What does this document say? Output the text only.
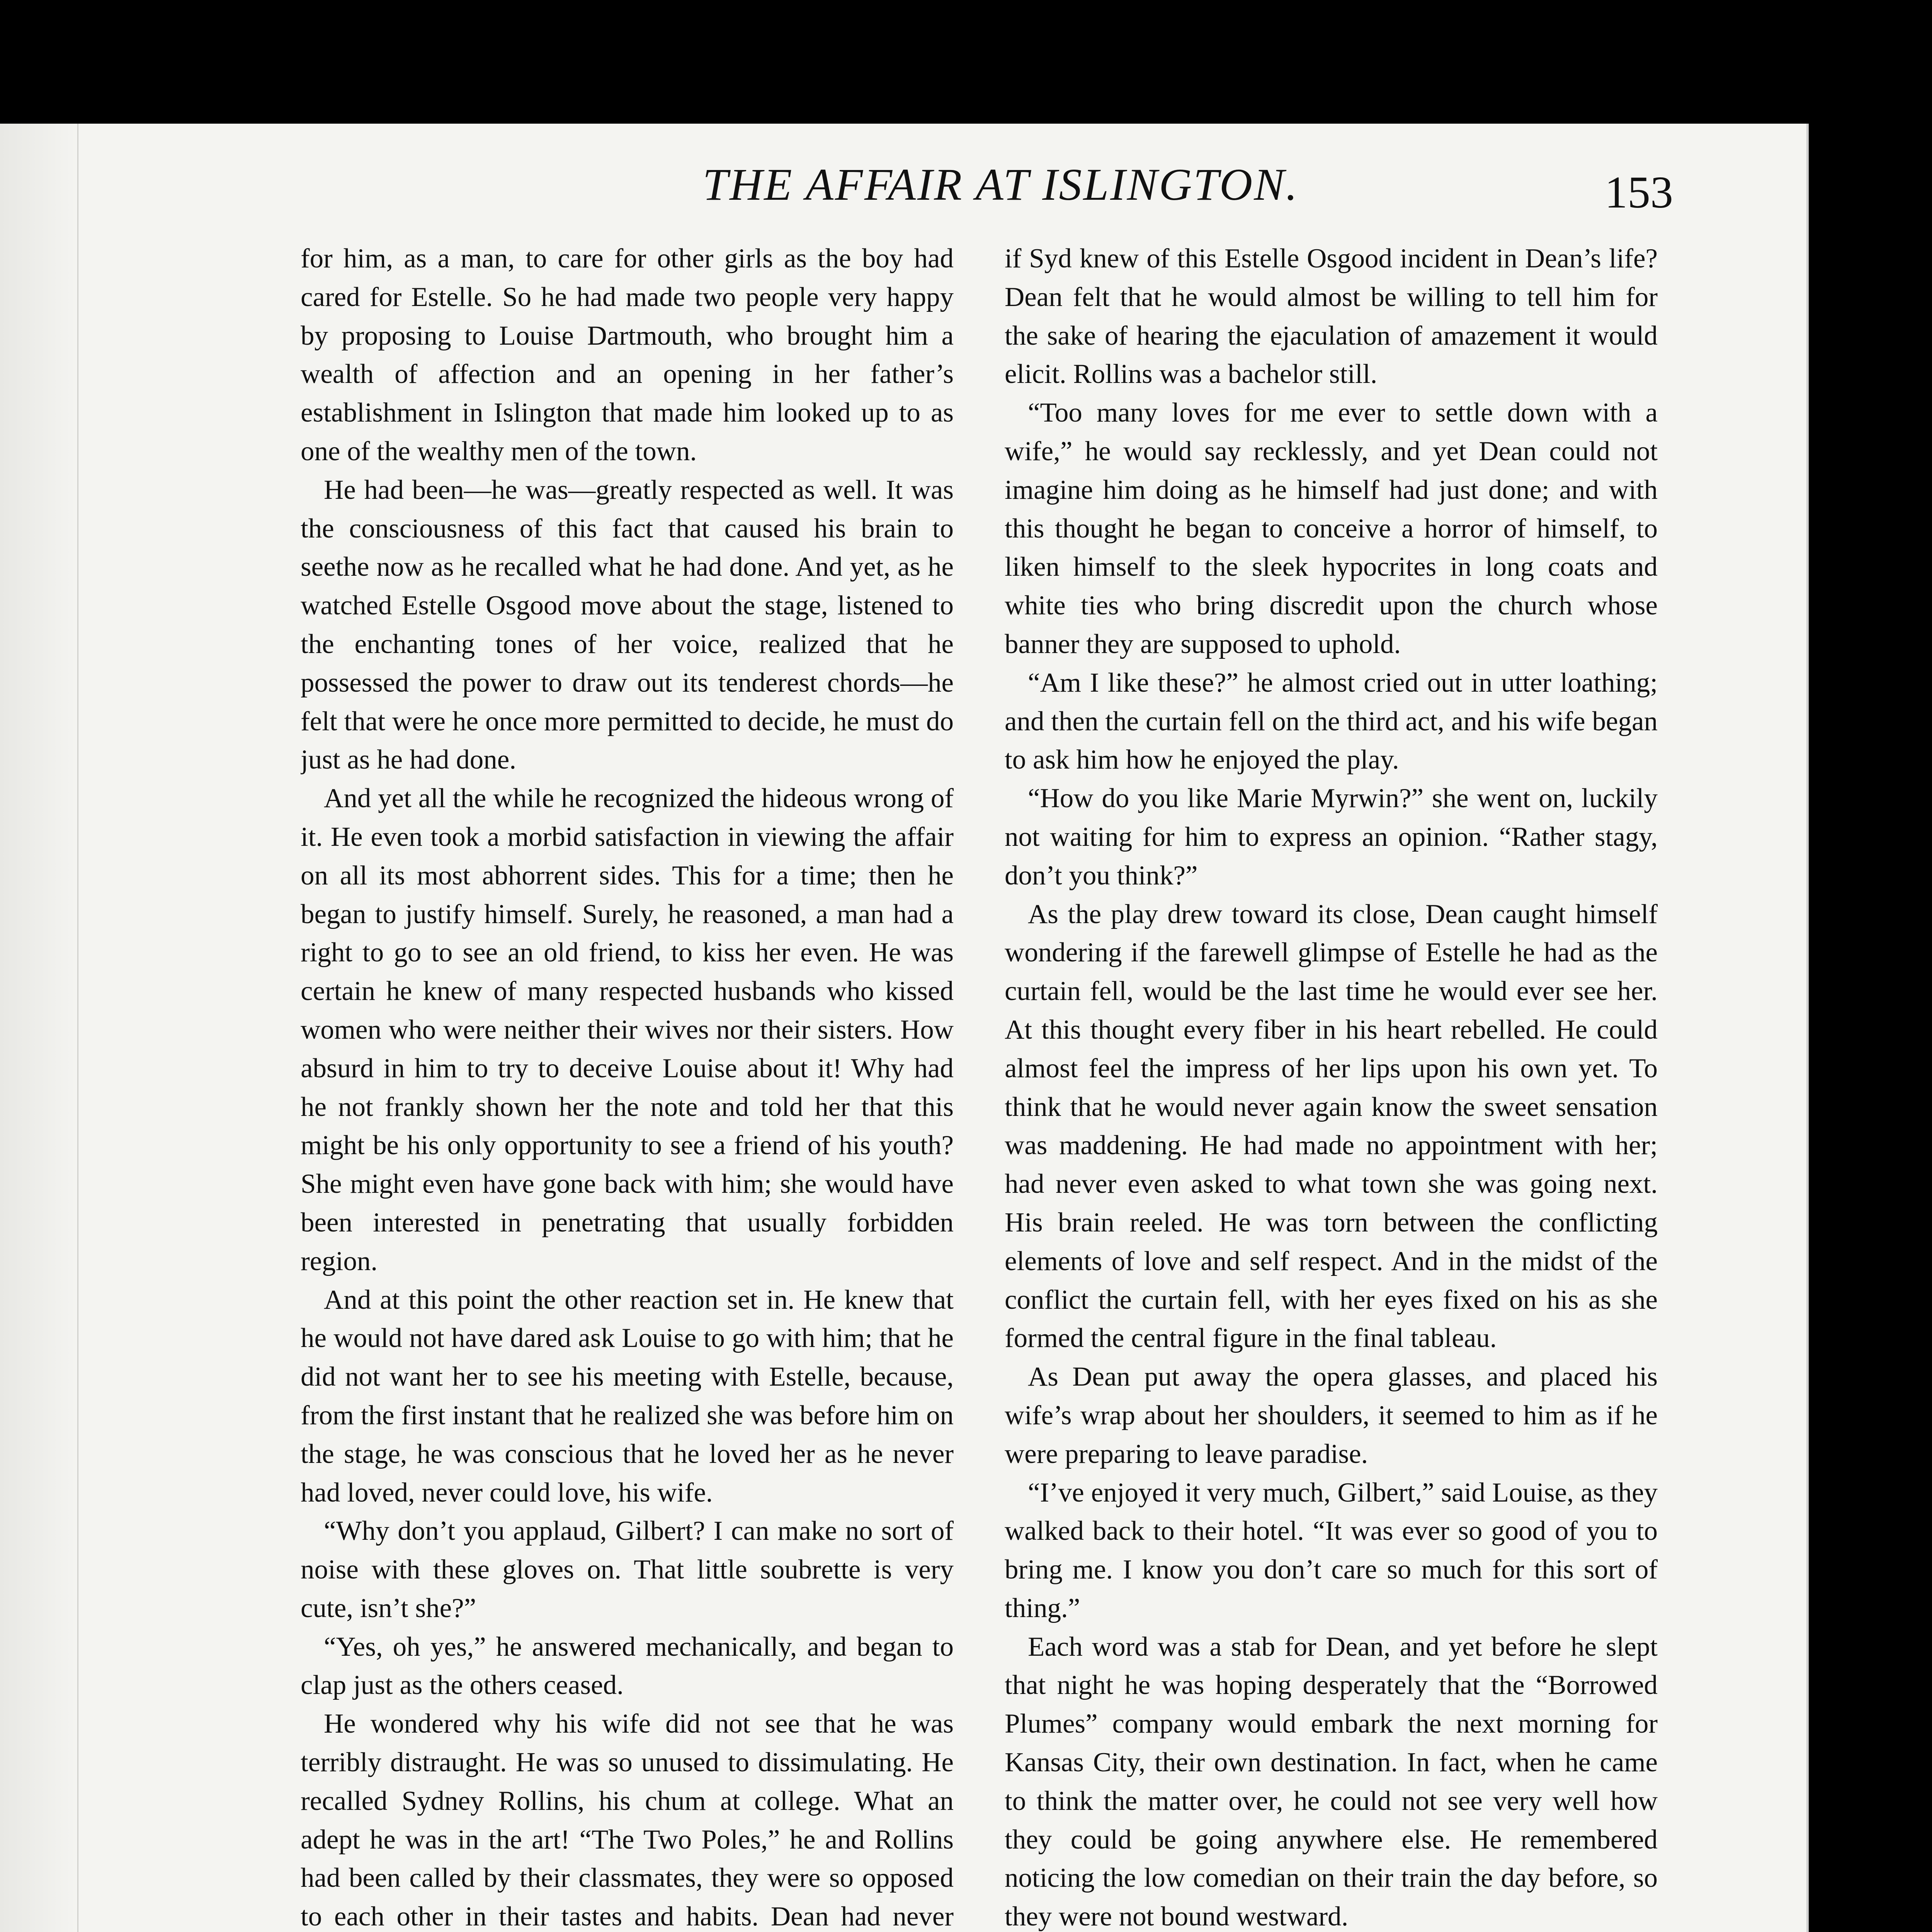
THE AFFAIR AT ISLINGTON.	153

for him, as a man, to care for other girls as the boy had cared for Estelle. So he had made two people very happy by proposing to Louise Dartmouth, who brought him a wealth of affection and an opening in her father’s establishment in Islington that made him looked up to as one of the wealthy men of the town.

He had been—he was—greatly respected as well. It was the consciousness of this fact that caused his brain to seethe now as he recalled what he had done. And yet, as he watched Estelle Osgood move about the stage, listened to the enchanting tones of her voice, realized that he possessed the power to draw out its tenderest chords—he felt that were he once more permitted to decide, he must do just as he had done.

And yet all the while he recognized the hideous wrong of it. He even took a morbid satisfaction in viewing the affair on all its most abhorrent sides. This for a time; then he began to justify himself. Surely, he reasoned, a man had a right to go to see an old friend, to kiss her even. He was certain he knew of many respected husbands who kissed women who were neither their wives nor their sisters. How absurd in him to try to deceive Louise about it! Why had he not frankly shown her the note and told her that this might be his only opportunity to see a friend of his youth? She might even have gone back with him; she would have been interested in penetrating that usually forbidden region.

And at this point the other reaction set in. He knew that he would not have dared ask Louise to go with him; that he did not want her to see his meeting with Estelle, because, from the first instant that he realized she was before him on the stage, he was conscious that he loved her as he never had loved, never could love, his wife.

“Why don’t you applaud, Gilbert? I can make no sort of noise with these gloves on. That little soubrette is very cute, isn’t she?”

“Yes, oh yes,” he answered mechanically, and began to clap just as the others ceased.

He wondered why his wife did not see that he was terribly distraught. He was so unused to dissimulating. He recalled Sydney Rollins, his chum at college. What an adept he was in the art! “The Two Poles,” he and Rollins had been called by their classmates, they were so opposed to each other in their tastes and habits. Dean had never

if Syd knew of this Estelle Osgood incident in Dean’s life? Dean felt that he would almost be willing to tell him for the sake of hearing the ejaculation of amazement it would elicit. Rollins was a bachelor still.

“Too many loves for me ever to settle down with a wife,” he would say recklessly, and yet Dean could not imagine him doing as he himself had just done; and with this thought he began to conceive a horror of himself, to liken himself to the sleek hypocrites in long coats and white ties who bring discredit upon the church whose banner they are supposed to uphold.

“Am I like these?” he almost cried out in utter loathing; and then the curtain fell on the third act, and his wife began to ask him how he enjoyed the play.

“How do you like Marie Myrwin?” she went on, luckily not waiting for him to express an opinion. “Rather stagy, don’t you think?”

As the play drew toward its close, Dean caught himself wondering if the farewell glimpse of Estelle he had as the curtain fell, would be the last time he would ever see her. At this thought every fiber in his heart rebelled. He could almost feel the impress of her lips upon his own yet. To think that he would never again know the sweet sensation was maddening. He had made no appointment with her; had never even asked to what town she was going next. His brain reeled. He was torn between the conflicting elements of love and self respect. And in the midst of the conflict the curtain fell, with her eyes fixed on his as she formed the central figure in the final tableau.

As Dean put away the opera glasses, and placed his wife’s wrap about her shoulders, it seemed to him as if he were preparing to leave paradise.

“I’ve enjoyed it very much, Gilbert,” said Louise, as they walked back to their hotel. “It was ever so good of you to bring me. I know you don’t care so much for this sort of thing.”

Each word was a stab for Dean, and yet before he slept that night he was hoping desperately that the “Borrowed Plumes” company would embark the next morning for Kansas City, their own destination. In fact, when he came to think the matter over, he could not see very well how they could be going anywhere else. He remembered noticing the low comedian on their train the day before, so they were not bound westward.
